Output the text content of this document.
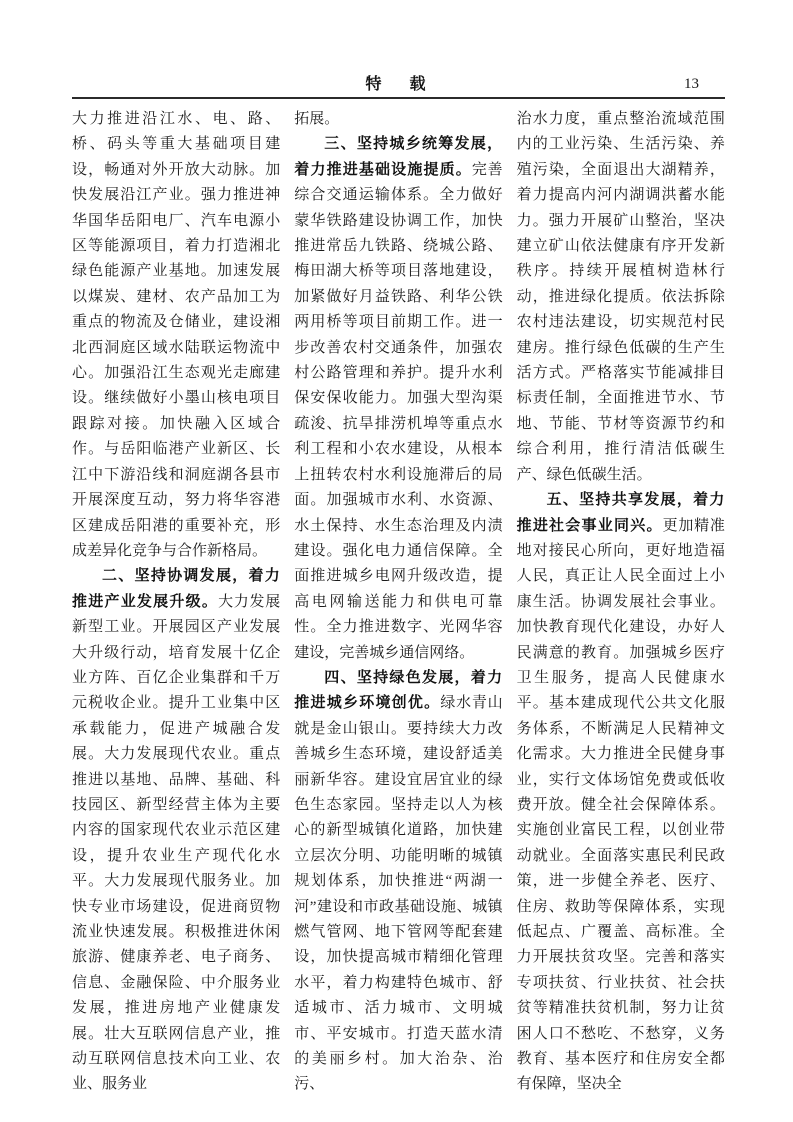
特　载	13

大力推进沿江水、电、路、桥、码头等重大基础项目建设，畅通对外开放大动脉。加快发展沿江产业。强力推进神华国华岳阳电厂、汽车电源小区等能源项目，着力打造湘北绿色能源产业基地。加速发展以煤炭、建材、农产品加工为重点的物流及仓储业，建设湘北西洞庭区域水陆联运物流中心。加强沿江生态观光走廊建设。继续做好小墨山核电项目跟踪对接。加快融入区域合作。与岳阳临港产业新区、长江中下游沿线和洞庭湖各县市开展深度互动，努力将华容港区建成岳阳港的重要补充，形成差异化竞争与合作新格局。

二、坚持协调发展，着力推进产业发展升级。大力发展新型工业。开展园区产业发展大升级行动，培育发展十亿企业方阵、百亿企业集群和千万元税收企业。提升工业集中区承载能力，促进产城融合发展。大力发展现代农业。重点推进以基地、品牌、基础、科技园区、新型经营主体为主要内容的国家现代农业示范区建设，提升农业生产现代化水平。大力发展现代服务业。加快专业市场建设，促进商贸物流业快速发展。积极推进休闲旅游、健康养老、电子商务、信息、金融保险、中介服务业发展，推进房地产业健康发展。壮大互联网信息产业，推动互联网信息技术向工业、农业、服务业

拓展。

三、坚持城乡统筹发展，着力推进基础设施提质。完善综合交通运输体系。全力做好蒙华铁路建设协调工作，加快推进常岳九铁路、绕城公路、梅田湖大桥等项目落地建设，加紧做好月益铁路、利华公铁两用桥等项目前期工作。进一步改善农村交通条件，加强农村公路管理和养护。提升水利保安保收能力。加强大型沟渠疏浚、抗旱排涝机埠等重点水利工程和小农水建设，从根本上扭转农村水利设施滞后的局面。加强城市水利、水资源、水土保持、水生态治理及内渍建设。强化电力通信保障。全面推进城乡电网升级改造，提高电网输送能力和供电可靠性。全力推进数字、光网华容建设，完善城乡通信网络。

四、坚持绿色发展，着力推进城乡环境创优。绿水青山就是金山银山。要持续大力改善城乡生态环境，建设舒适美丽新华容。建设宜居宜业的绿色生态家园。坚持走以人为核心的新型城镇化道路，加快建立层次分明、功能明晰的城镇规划体系，加快推进“两湖一河”建设和市政基础设施、城镇燃气管网、地下管网等配套建设，加快提高城市精细化管理水平，着力构建特色城市、舒适城市、活力城市、文明城市、平安城市。打造天蓝水清的美丽乡村。加大治杂、治污、

治水力度，重点整治流域范围内的工业污染、生活污染、养殖污染，全面退出大湖精养，着力提高内河内湖调洪蓄水能力。强力开展矿山整治，坚决建立矿山依法健康有序开发新秩序。持续开展植树造林行动，推进绿化提质。依法拆除农村违法建设，切实规范村民建房。推行绿色低碳的生产生活方式。严格落实节能减排目标责任制，全面推进节水、节地、节能、节材等资源节约和综合利用，推行清洁低碳生产、绿色低碳生活。

五、坚持共享发展，着力推进社会事业同兴。更加精准地对接民心所向，更好地造福人民，真正让人民全面过上小康生活。协调发展社会事业。加快教育现代化建设，办好人民满意的教育。加强城乡医疗卫生服务，提高人民健康水平。基本建成现代公共文化服务体系，不断满足人民精神文化需求。大力推进全民健身事业，实行文体场馆免费或低收费开放。健全社会保障体系。实施创业富民工程，以创业带动就业。全面落实惠民利民政策，进一步健全养老、医疗、住房、救助等保障体系，实现低起点、广覆盖、高标准。全力开展扶贫攻坚。完善和落实专项扶贫、行业扶贫、社会扶贫等精准扶贫机制，努力让贫困人口不愁吃、不愁穿，义务教育、基本医疗和住房安全都有保障，坚决全
